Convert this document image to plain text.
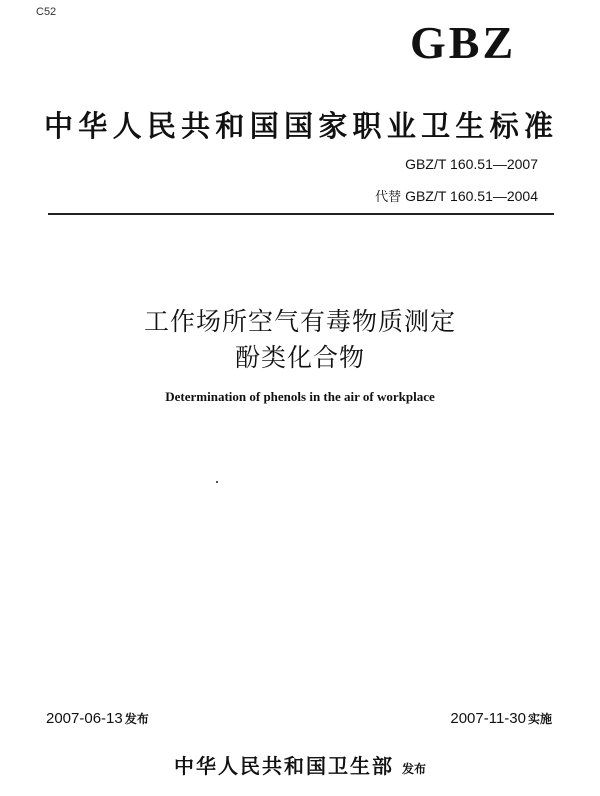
C52
GBZ
中华人民共和国国家职业卫生标准
GBZ/T 160.51—2007
代替 GBZ/T 160.51—2004
工作场所空气有毒物质测定
酚类化合物
Determination of phenols in the air of workplace
2007-06-13 发布	2007-11-30 实施
中华人民共和国卫生部 发布
